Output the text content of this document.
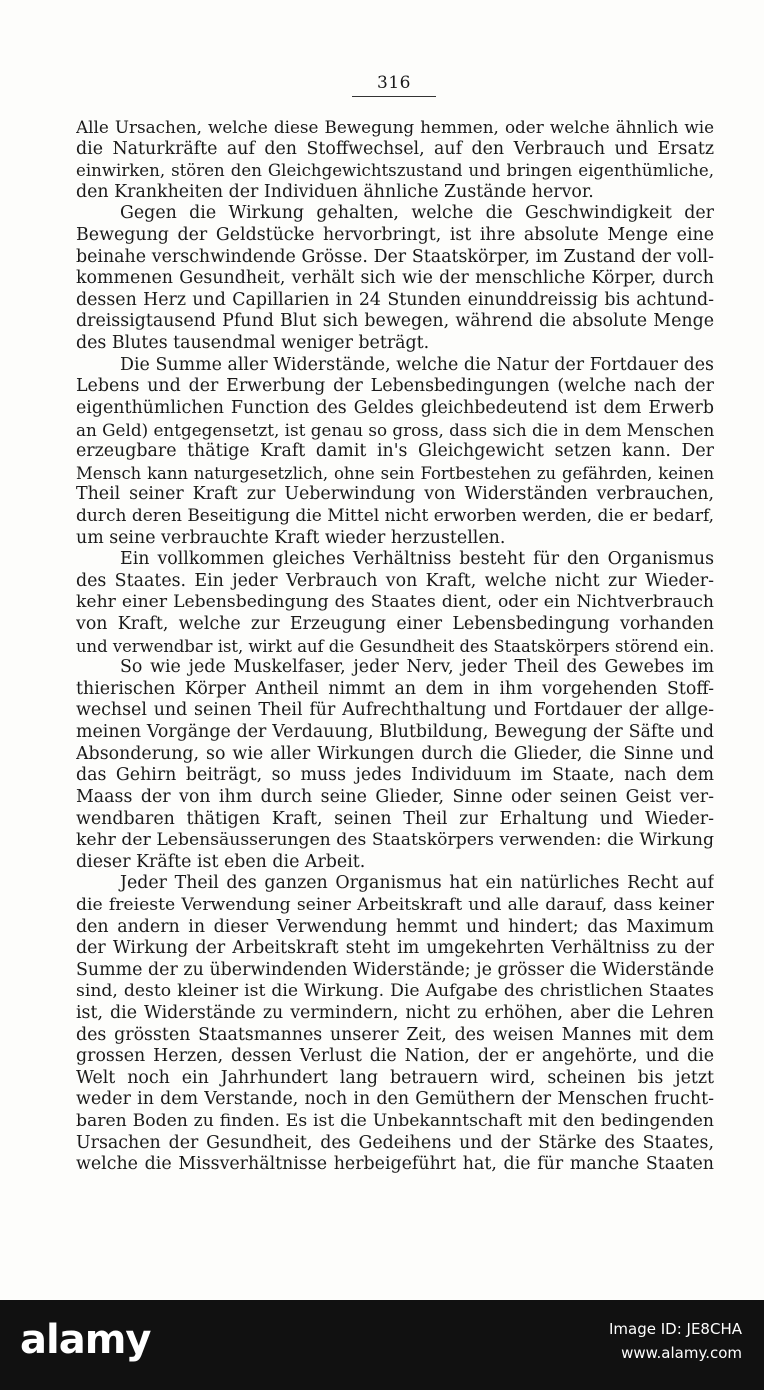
316
Alle Ursachen, welche diese Bewegung hemmen, oder welche ähnlich wie
die Naturkräfte auf den Stoffwechsel, auf den Verbrauch und Ersatz
einwirken, stören den Gleichgewichtszustand und bringen eigenthümliche,
den Krankheiten der Individuen ähnliche Zustände hervor.
Gegen die Wirkung gehalten, welche die Geschwindigkeit der
Bewegung der Geldstücke hervorbringt, ist ihre absolute Menge eine
beinahe verschwindende Grösse. Der Staatskörper, im Zustand der voll-
kommenen Gesundheit, verhält sich wie der menschliche Körper, durch
dessen Herz und Capillarien in 24 Stunden einunddreissig bis achtund-
dreissigtausend Pfund Blut sich bewegen, während die absolute Menge
des Blutes tausendmal weniger beträgt.
Die Summe aller Widerstände, welche die Natur der Fortdauer des
Lebens und der Erwerbung der Lebensbedingungen (welche nach der
eigenthümlichen Function des Geldes gleichbedeutend ist dem Erwerb
an Geld) entgegensetzt, ist genau so gross, dass sich die in dem Menschen
erzeugbare thätige Kraft damit in's Gleichgewicht setzen kann. Der
Mensch kann naturgesetzlich, ohne sein Fortbestehen zu gefährden, keinen
Theil seiner Kraft zur Ueberwindung von Widerständen verbrauchen,
durch deren Beseitigung die Mittel nicht erworben werden, die er bedarf,
um seine verbrauchte Kraft wieder herzustellen.
Ein vollkommen gleiches Verhältniss besteht für den Organismus
des Staates. Ein jeder Verbrauch von Kraft, welche nicht zur Wieder-
kehr einer Lebensbedingung des Staates dient, oder ein Nichtverbrauch
von Kraft, welche zur Erzeugung einer Lebensbedingung vorhanden
und verwendbar ist, wirkt auf die Gesundheit des Staatskörpers störend ein.
So wie jede Muskelfaser, jeder Nerv, jeder Theil des Gewebes im
thierischen Körper Antheil nimmt an dem in ihm vorgehenden Stoff-
wechsel und seinen Theil für Aufrechthaltung und Fortdauer der allge-
meinen Vorgänge der Verdauung, Blutbildung, Bewegung der Säfte und
Absonderung, so wie aller Wirkungen durch die Glieder, die Sinne und
das Gehirn beiträgt, so muss jedes Individuum im Staate, nach dem
Maass der von ihm durch seine Glieder, Sinne oder seinen Geist ver-
wendbaren thätigen Kraft, seinen Theil zur Erhaltung und Wieder-
kehr der Lebensäusserungen des Staatskörpers verwenden: die Wirkung
dieser Kräfte ist eben die Arbeit.
Jeder Theil des ganzen Organismus hat ein natürliches Recht auf
die freieste Verwendung seiner Arbeitskraft und alle darauf, dass keiner
den andern in dieser Verwendung hemmt und hindert; das Maximum
der Wirkung der Arbeitskraft steht im umgekehrten Verhältniss zu der
Summe der zu überwindenden Widerstände; je grösser die Widerstände
sind, desto kleiner ist die Wirkung. Die Aufgabe des christlichen Staates
ist, die Widerstände zu vermindern, nicht zu erhöhen, aber die Lehren
des grössten Staatsmannes unserer Zeit, des weisen Mannes mit dem
grossen Herzen, dessen Verlust die Nation, der er angehörte, und die
Welt noch ein Jahrhundert lang betrauern wird, scheinen bis jetzt
weder in dem Verstande, noch in den Gemüthern der Menschen frucht-
baren Boden zu finden. Es ist die Unbekanntschaft mit den bedingenden
Ursachen der Gesundheit, des Gedeihens und der Stärke des Staates,
welche die Missverhältnisse herbeigeführt hat, die für manche Staaten
alamy	Image ID: JE8CHA
www.alamy.com
